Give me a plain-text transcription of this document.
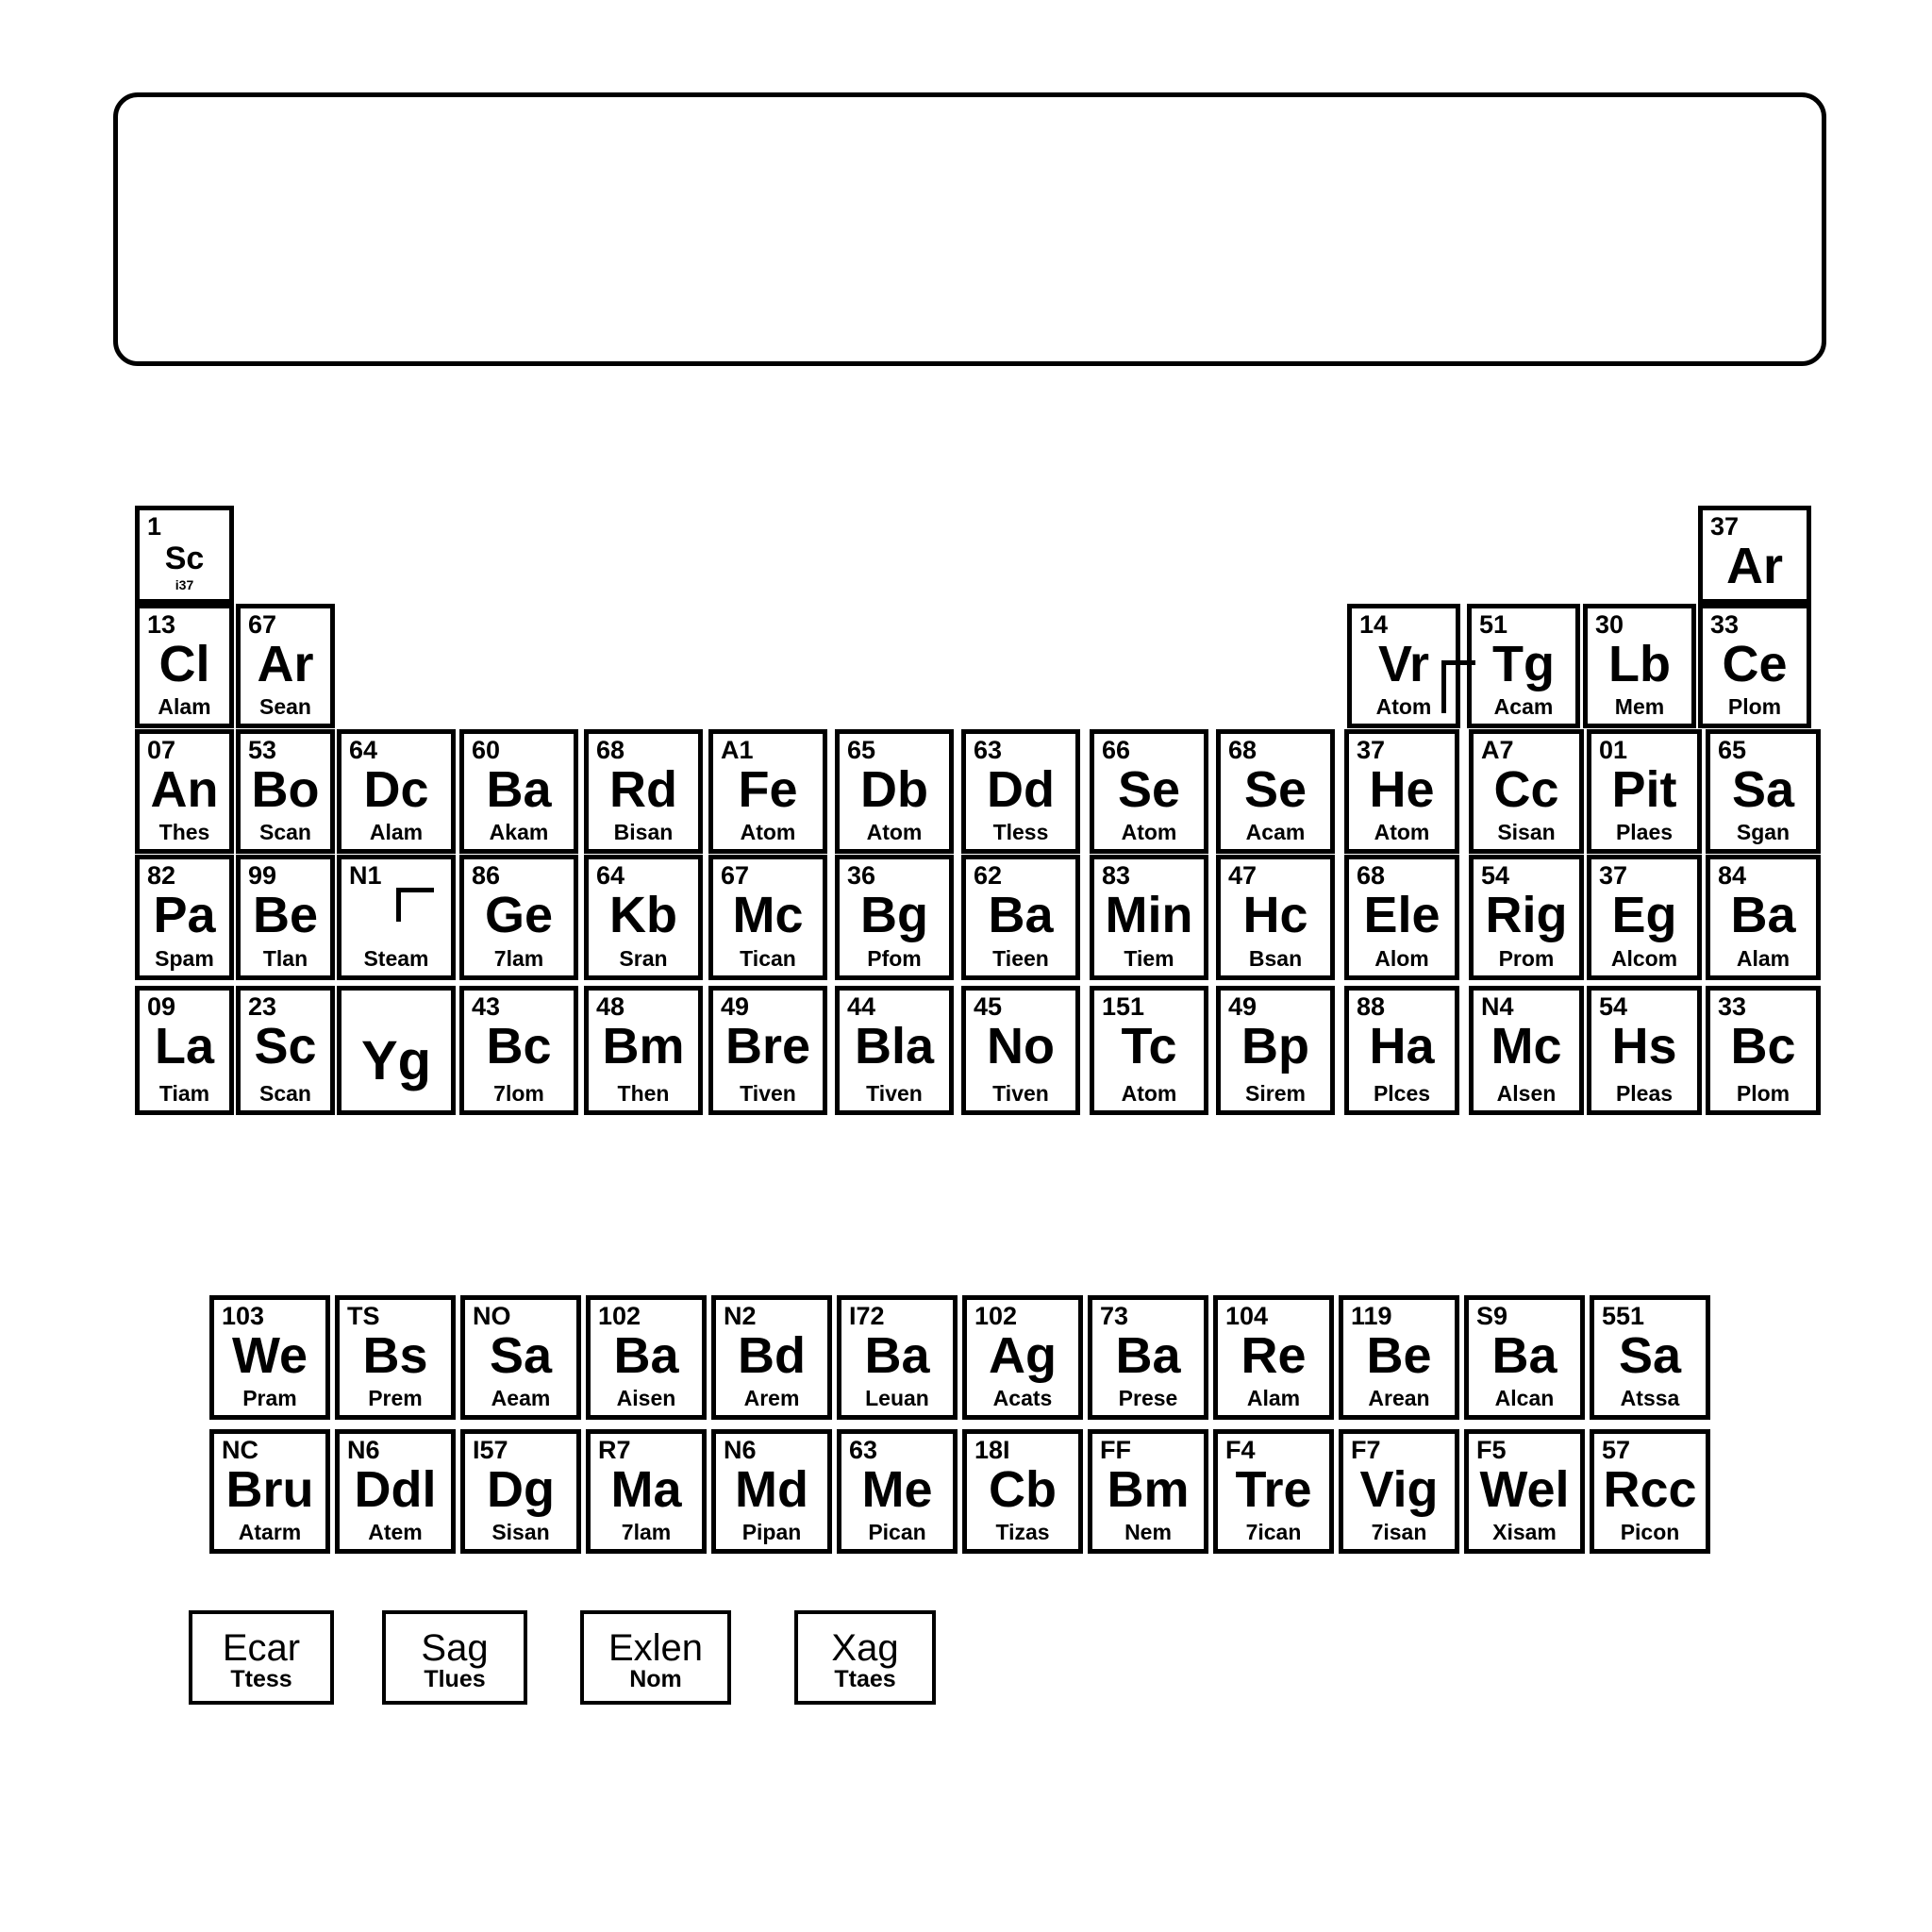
1
Sc
i37
37
Ar
13
Cl
Alam
67
Ar
Sean
14
Vr
Atom
51
Tg
Acam
30
Lb
Mem
33
Ce
Plom
07
An
Thes
53
Bo
Scan
64
Dc
Alam
60
Ba
Akam
68
Rd
Bisan
A1
Fe
Atom
65
Db
Atom
63
Dd
Tless
66
Se
Atom
68
Se
Acam
37
He
Atom
A7
Cc
Sisan
01
Pit
Plaes
65
Sa
Sgan
82
Pa
Spam
99
Be
Tlan
N1
Steam
86
Ge
7lam
64
Kb
Sran
67
Mc
Tican
36
Bg
Pfom
62
Ba
Tieen
83
Min
Tiem
47
Hc
Bsan
68
Ele
Alom
54
Rig
Prom
37
Eg
Alcom
84
Ba
Alam
09
La
Tiam
23
Sc
Scan
Yg
43
Bc
7lom
48
Bm
Then
49
Bre
Tiven
44
Bla
Tiven
45
No
Tiven
151
Tc
Atom
49
Bp
Sirem
88
Ha
Plces
N4
Mc
Alsen
54
Hs
Pleas
33
Bc
Plom
103
We
Pram
TS
Bs
Prem
NO
Sa
Aeam
102
Ba
Aisen
N2
Bd
Arem
I72
Ba
Leuan
102
Ag
Acats
73
Ba
Prese
104
Re
Alam
119
Be
Arean
S9
Ba
Alcan
551
Sa
Atssa
NC
Bru
Atarm
N6
Ddl
Atem
I57
Dg
Sisan
R7
Ma
7lam
N6
Md
Pipan
63
Me
Pican
18I
Cb
Tizas
FF
Bm
Nem
F4
Tre
7ican
F7
Vig
7isan
F5
Wel
Xisam
57
Rcc
Picon
Ecar
Ttess
Sag
Tlues
Exlen
Nom
Xag
Ttaes
